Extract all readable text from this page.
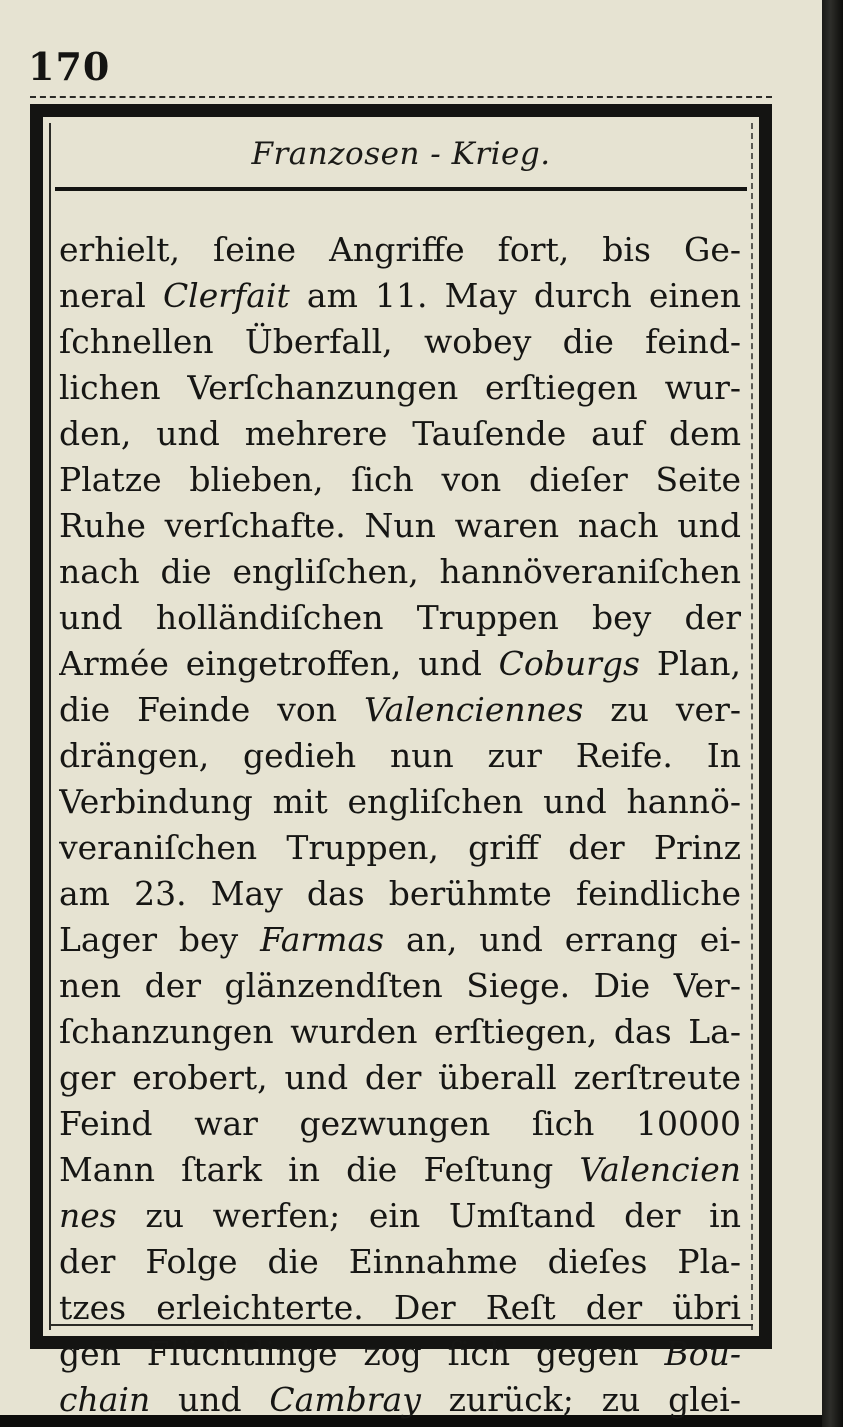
170
Franzosen - Krieg.
erhielt, ſeine Angriffe fort, bis Ge-
neral Clerfait am 11. May durch einen
ſchnellen Überfall, wobey die feind-
lichen Verſchanzungen erſtiegen wur-
den, und mehrere Tauſende auf dem
Platze blieben, ſich von dieſer Seite
Ruhe verſchafte. Nun waren nach und
nach die engliſchen, hannöveraniſchen
und holländiſchen Truppen bey der
Armée eingetroffen, und Coburgs Plan,
die Feinde von Valenciennes zu ver-
drängen, gedieh nun zur Reife. In
Verbindung mit engliſchen und hannö-
veraniſchen Truppen, griff der Prinz
am 23. May das berühmte feindliche
Lager bey Farmas an, und errang ei-
nen der glänzendſten Siege. Die Ver-
ſchanzungen wurden erſtiegen, das La-
ger erobert, und der überall zerſtreute
Feind war gezwungen ſich 10000
Mann ſtark in die Feſtung Valencien
nes zu werfen; ein Umſtand der in
der Folge die Einnahme dieſes Pla-
tzes erleichterte. Der Reſt der übri
gen Flüchtlinge zog ſich gegen Bou-
chain und Cambray zurück; zu glei-
